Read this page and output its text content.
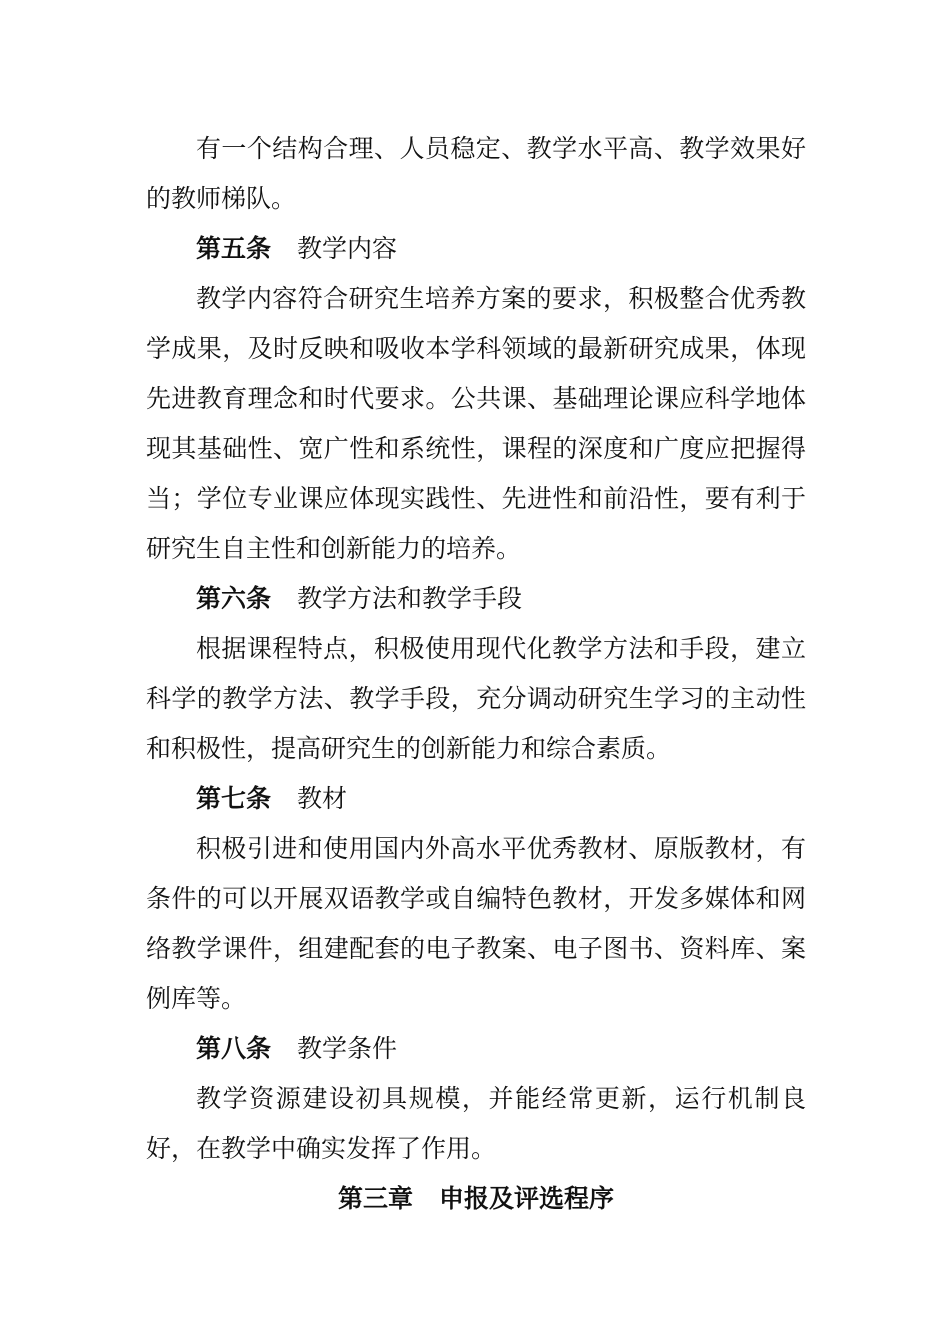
有一个结构合理、人员稳定、教学水平高、教学效果好的教师梯队。

第五条 教学内容

教学内容符合研究生培养方案的要求，积极整合优秀教学成果，及时反映和吸收本学科领域的最新研究成果，体现先进教育理念和时代要求。公共课、基础理论课应科学地体现其基础性、宽广性和系统性，课程的深度和广度应把握得当；学位专业课应体现实践性、先进性和前沿性，要有利于研究生自主性和创新能力的培养。

第六条 教学方法和教学手段

根据课程特点，积极使用现代化教学方法和手段，建立科学的教学方法、教学手段，充分调动研究生学习的主动性和积极性，提高研究生的创新能力和综合素质。

第七条 教材

积极引进和使用国内外高水平优秀教材、原版教材，有条件的可以开展双语教学或自编特色教材，开发多媒体和网络教学课件，组建配套的电子教案、电子图书、资料库、案例库等。

第八条 教学条件

教学资源建设初具规模，并能经常更新，运行机制良好，在教学中确实发挥了作用。

第三章 申报及评选程序
